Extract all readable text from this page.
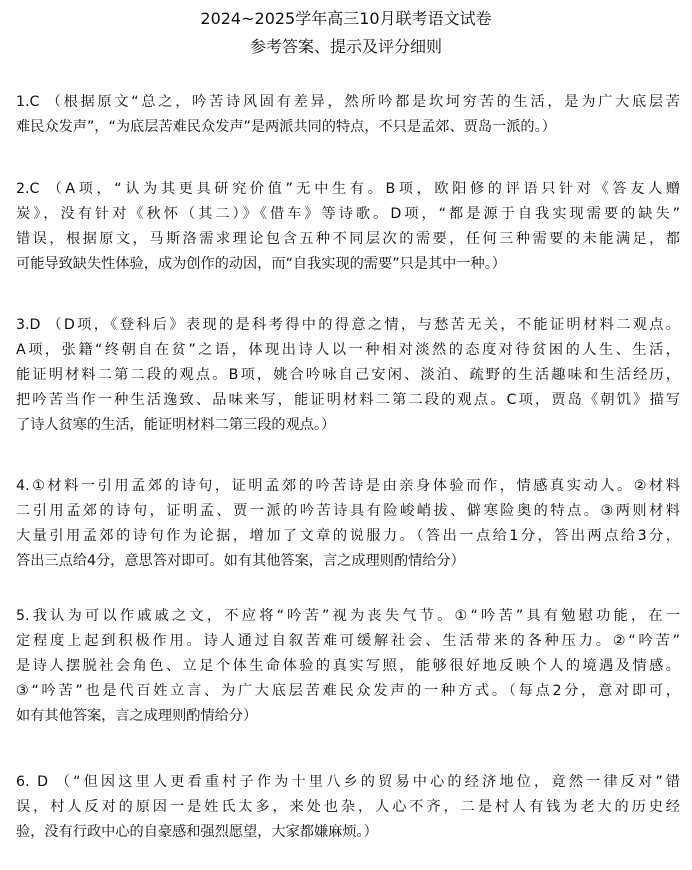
2024~2025学年高三10月联考语文试卷
参考答案、提示及评分细则
1.C （根据原文“总之，吟苦诗风固有差异，然所吟都是坎坷穷苦的生活，是为广大底层苦
难民众发声”，“为底层苦难民众发声”是两派共同的特点，不只是孟郊、贾岛一派的。）
2.C （A项，“认为其更具研究价值”无中生有。B项，欧阳修的评语只针对《答友人赠
炭》，没有针对《秋怀（其二）》《借车》等诗歌。D项，“都是源于自我实现需要的缺失”
错误，根据原文，马斯洛需求理论包含五种不同层次的需要，任何三种需要的未能满足，都
可能导致缺失性体验，成为创作的动因，而“自我实现的需要”只是其中一种。）
3.D （D项，《登科后》表现的是科考得中的得意之情，与愁苦无关，不能证明材料二观点。
A项，张籍“终朝自在贫”之语，体现出诗人以一种相对淡然的态度对待贫困的人生、生活，
能证明材料二第二段的观点。B项，姚合吟咏自己安闲、淡泊、疏野的生活趣味和生活经历，
把吟苦当作一种生活逸致、品味来写，能证明材料二第二段的观点。C项，贾岛《朝饥》描写
了诗人贫寒的生活，能证明材料二第三段的观点。）
4.①材料一引用孟郊的诗句，证明孟郊的吟苦诗是由亲身体验而作，情感真实动人。②材料
二引用孟郊的诗句，证明孟、贾一派的吟苦诗具有险峻峭拔、僻寒险奥的特点。③两则材料
大量引用孟郊的诗句作为论据，增加了文章的说服力。（答出一点给1分，答出两点给3分，
答出三点给4分，意思答对即可。如有其他答案，言之成理则酌情给分）
5.我认为可以作戚戚之文，不应将“吟苦”视为丧失气节。①“吟苦”具有勉慰功能，在一
定程度上起到积极作用。诗人通过自叙苦难可缓解社会、生活带来的各种压力。②“吟苦”
是诗人摆脱社会角色、立足个体生命体验的真实写照，能够很好地反映个人的境遇及情感。
③“吟苦”也是代百姓立言、为广大底层苦难民众发声的一种方式。（每点2分，意对即可，
如有其他答案，言之成理则酌情给分）
6. D （“但因这里人更看重村子作为十里八乡的贸易中心的经济地位，竟然一律反对”错
误，村人反对的原因一是姓氏太多，来处也杂，人心不齐，二是村人有钱为老大的历史经
验，没有行政中心的自豪感和强烈愿望，大家都嫌麻烦。）
